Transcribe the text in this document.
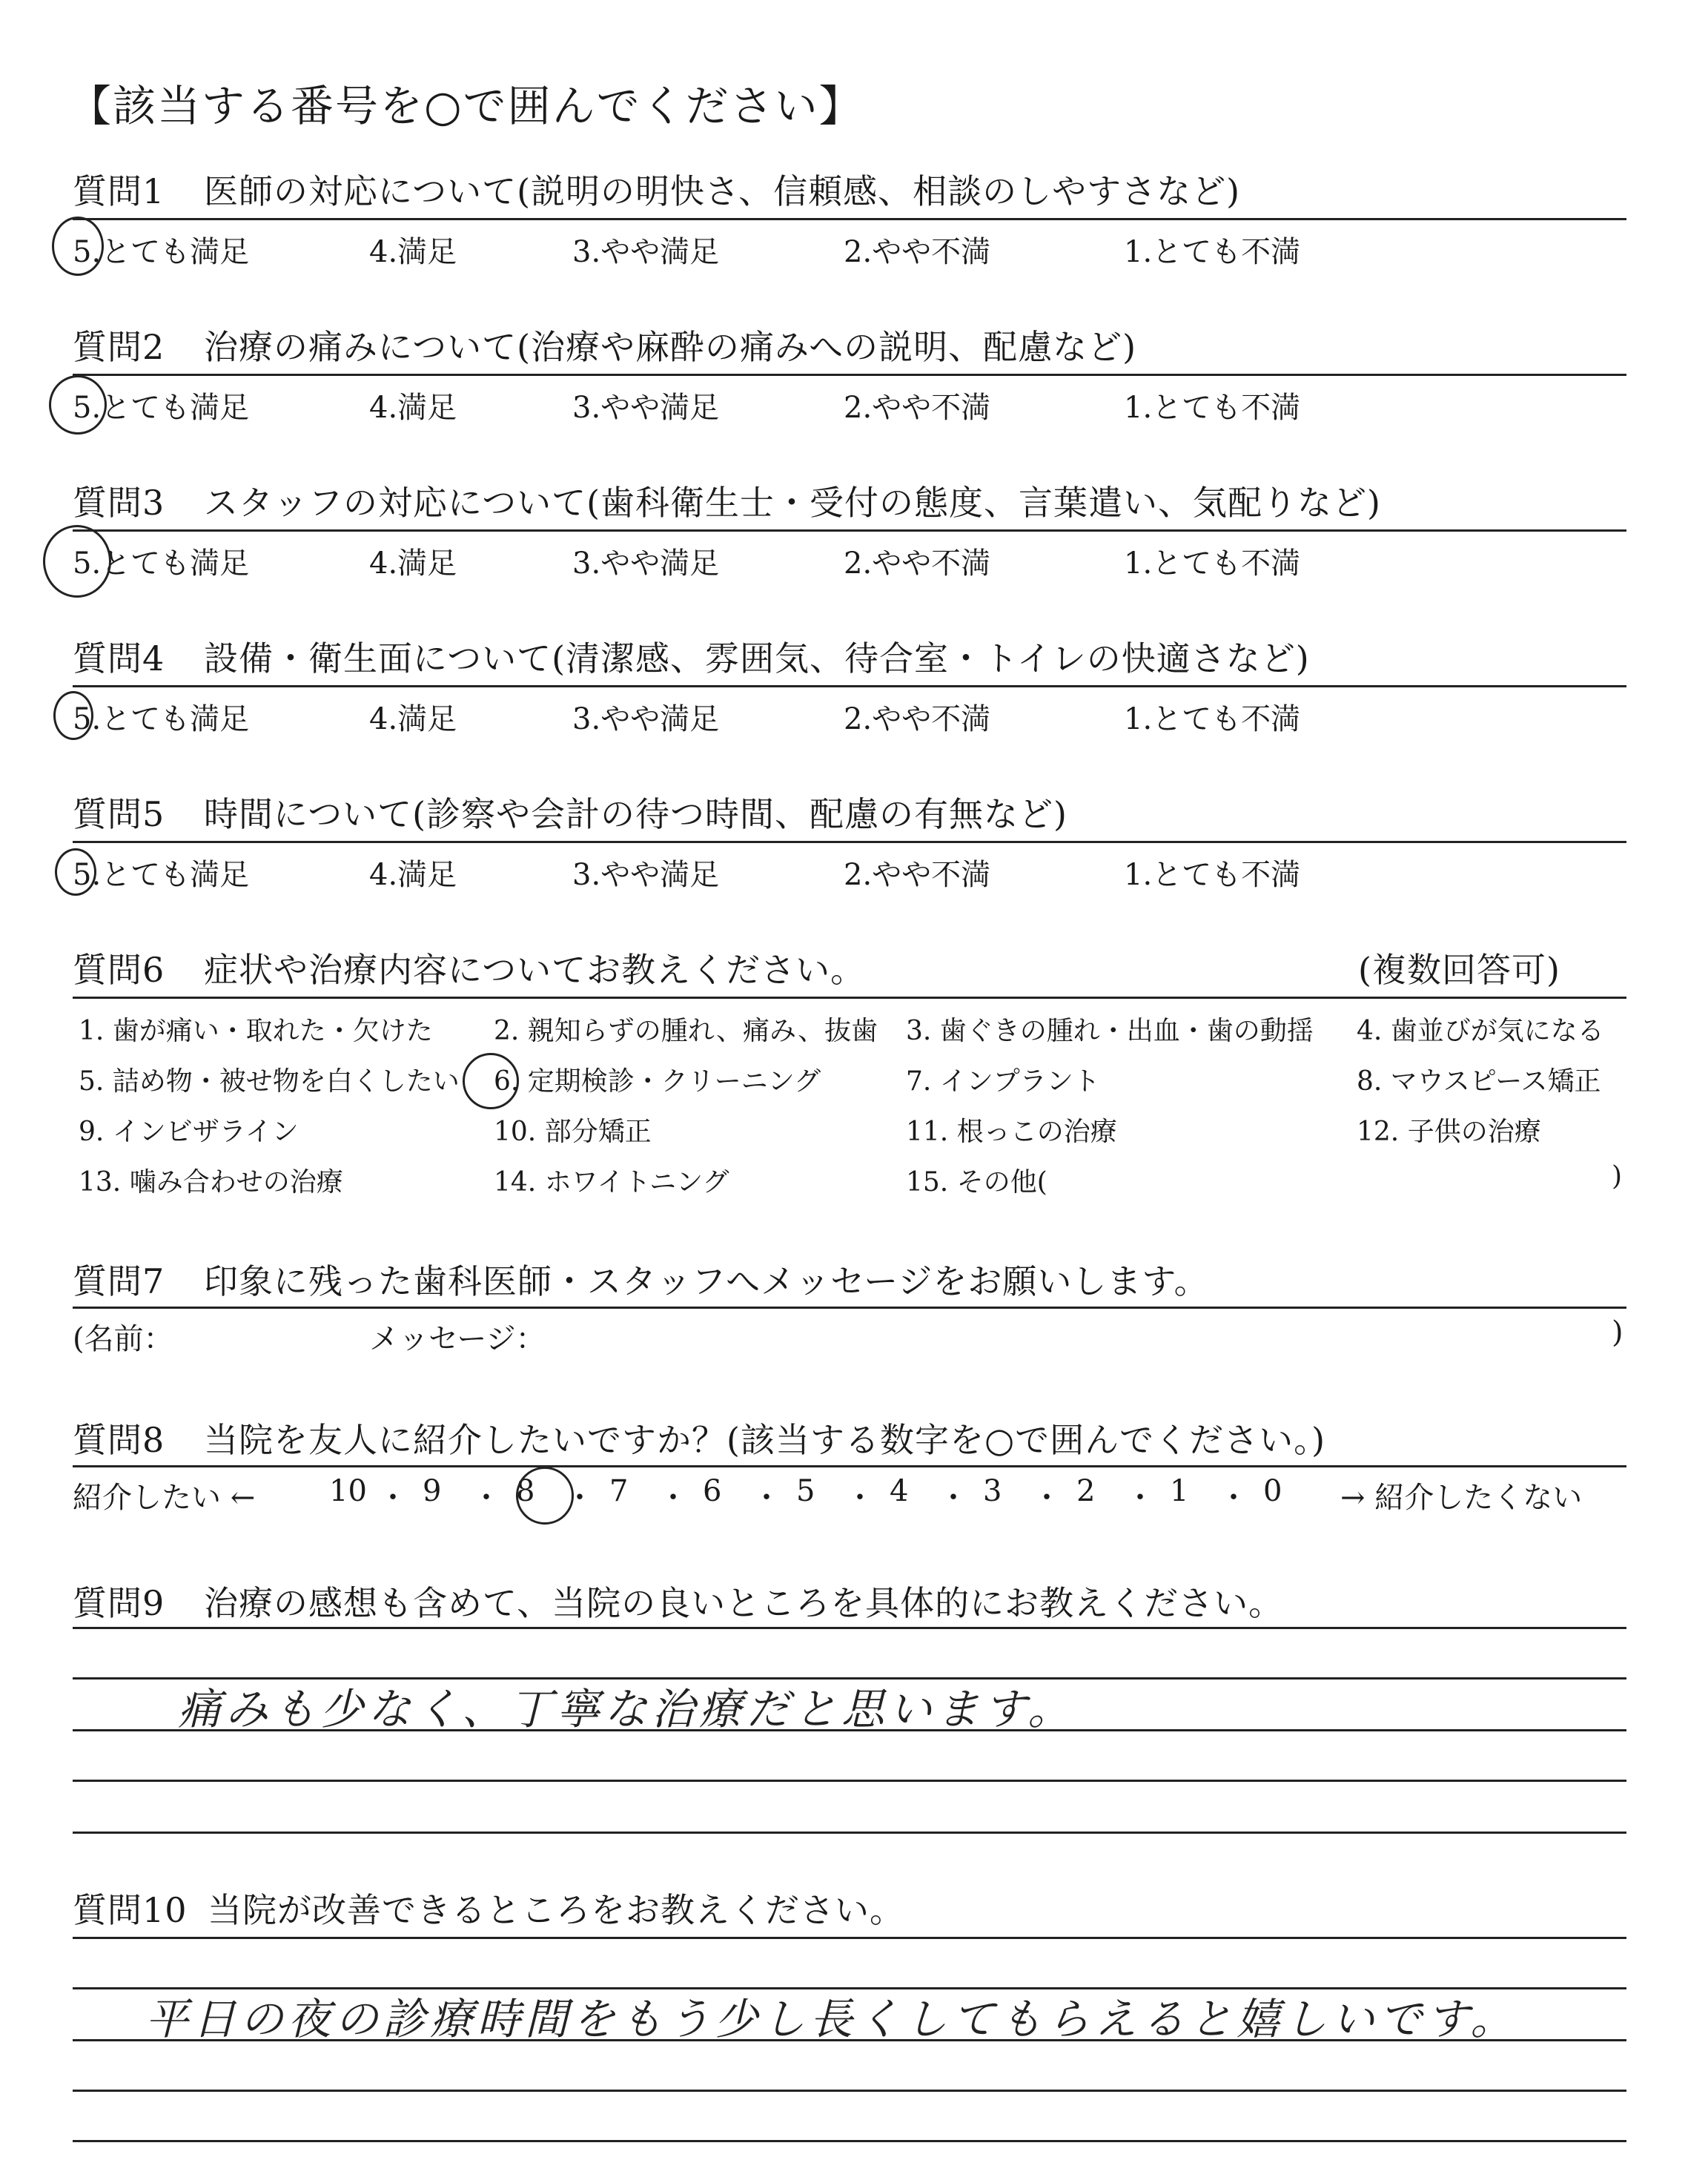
【該当する番号を○で囲んでください】
質問1 医師の対応について(説明の明快さ、信頼感、相談のしやすさなど)
5.とても満足	4.満足	3.やや満足	2.やや不満	1.とても不満
質問2 治療の痛みについて(治療や麻酔の痛みへの説明、配慮など)
5.とても満足	4.満足	3.やや満足	2.やや不満	1.とても不満
質問3 スタッフの対応について(歯科衛生士・受付の態度、言葉遣い、気配りなど)
5.とても満足	4.満足	3.やや満足	2.やや不満	1.とても不満
質問4 設備・衛生面について(清潔感、雰囲気、待合室・トイレの快適さなど)
5.とても満足	4.満足	3.やや満足	2.やや不満	1.とても不満
質問5 時間について(診察や会計の待つ時間、配慮の有無など)
5.とても満足	4.満足	3.やや満足	2.やや不満	1.とても不満
質問6 症状や治療内容についてお教えください。	(複数回答可)
1. 歯が痛い・取れた・欠けた 2. 親知らずの腫れ、痛み、抜歯 3. 歯ぐきの腫れ・出血・歯の動揺 4. 歯並びが気になる
5. 詰め物・被せ物を白くしたい 6. 定期検診・クリーニング	7. インプラント	8. マウスピース矯正
9. インビザライン	10. 部分矯正	11. 根っこの治療	12. 子供の治療
13. 噛み合わせの治療	14. ホワイトニング	15. その他(	)
質問7 印象に残った歯科医師・スタッフへメッセージをお願いします。
(名前：	メッセージ：	)
質問8 当院を友人に紹介したいですか？(該当する数字を○で囲んでください。)
紹介したい ←	→ 紹介したくない
10 ・ 9 ・ 8 ・ 7 ・ 6 ・ 5 ・ 4 ・ 3 ・ 2 ・ 1 ・ 0
質問9 治療の感想も含めて、当院の良いところを具体的にお教えください。
痛みも少なく、丁寧な治療だと思います。
質問10 当院が改善できるところをお教えください。
平日の夜の診療時間をもう少し長くしてもらえると嬉しいです。
